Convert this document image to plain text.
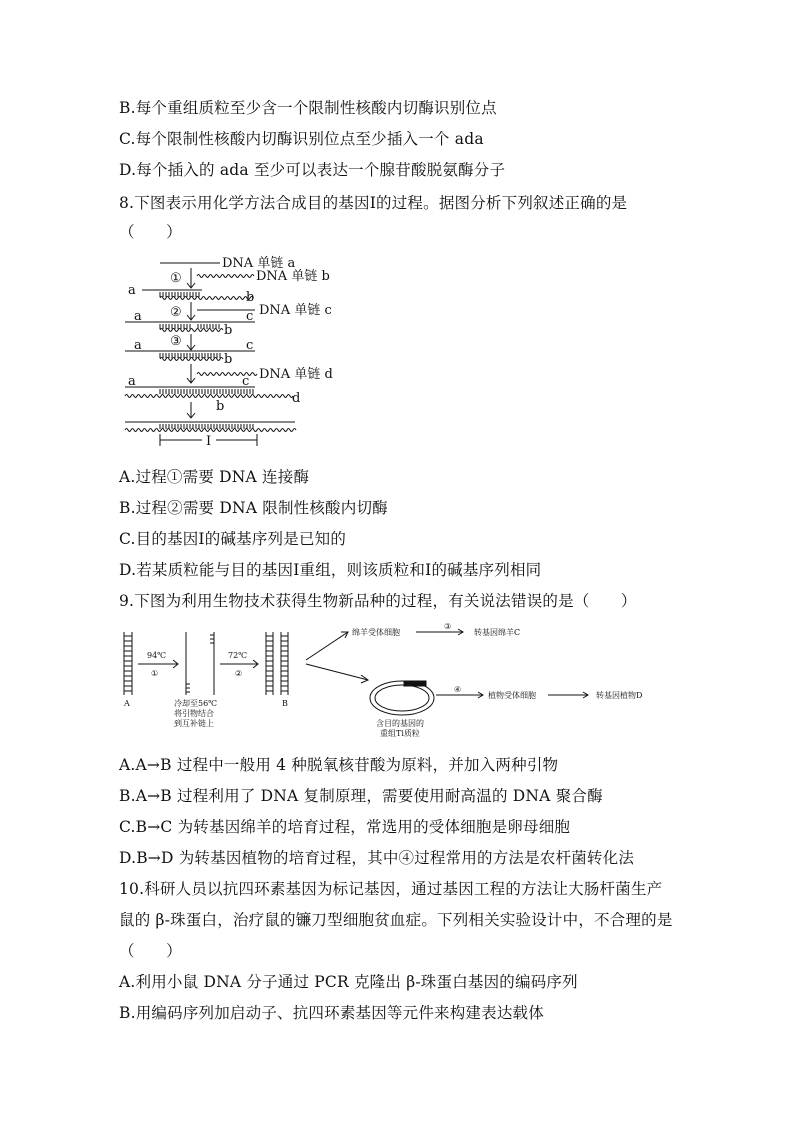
B.每个重组质粒至少含一个限制性核酸内切酶识别位点
C.每个限制性核酸内切酶识别位点至少插入一个 ada
D.每个插入的 ada 至少可以表达一个腺苷酸脱氨酶分子
8.下图表示用化学方法合成目的基因Ⅰ的过程。据图分析下列叙述正确的是
（　　）
DNA 单链 a
①	DNA 单链 b
a	b
②	DNA 单链 c
a	c
b
③
a	c
b
DNA 单链 d
a	c
d
b
I
A.过程①需要 DNA 连接酶
B.过程②需要 DNA 限制性核酸内切酶
C.目的基因Ⅰ的碱基序列是已知的
D.若某质粒能与目的基因Ⅰ重组，则该质粒和Ⅰ的碱基序列相同
9.下图为利用生物技术获得生物新品种的过程，有关说法错误的是（　　）
94℃
①
72℃
②
冷却至56℃
将引物结合
到互补链上
A	B
绵羊受体细胞
③
转基因绵羊C
含目的基因的
重组Ti质粒
④
植物受体细胞	转基因植物D
A.A→B 过程中一般用 4 种脱氧核苷酸为原料，并加入两种引物
B.A→B 过程利用了 DNA 复制原理，需要使用耐高温的 DNA 聚合酶
C.B→C 为转基因绵羊的培育过程，常选用的受体细胞是卵母细胞
D.B→D 为转基因植物的培育过程，其中④过程常用的方法是农杆菌转化法
10.科研人员以抗四环素基因为标记基因，通过基因工程的方法让大肠杆菌生产
鼠的 β-珠蛋白，治疗鼠的镰刀型细胞贫血症。下列相关实验设计中，不合理的是
（　　）
A.利用小鼠 DNA 分子通过 PCR 克隆出 β-珠蛋白基因的编码序列
B.用编码序列加启动子、抗四环素基因等元件来构建表达载体
